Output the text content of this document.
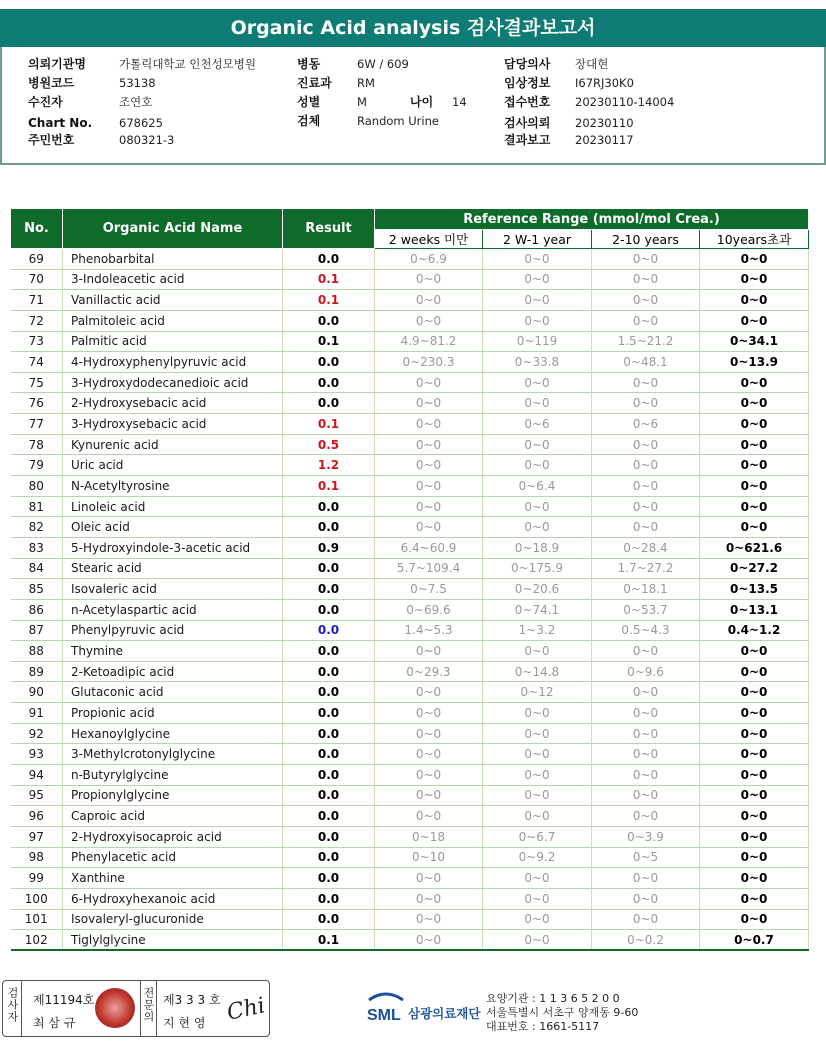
Organic Acid analysis 검사결과보고서
의뢰기관명	가톨릭대학교 인천성모병원
병원코드	53138
수진자	조연호
Chart No. 678625
주민번호	080321-3
병동	6W / 609
진료과 RM
성별	M	나이 14
검체	Random Urine
담당의사 장대현
임상정보 I67RJ30K0
접수번호 20230110-14004
검사의뢰 20230110
결과보고 20230117
No.	Organic Acid Name	Result	Reference Range (mmol/mol Crea.)			
			2 weeks 미만	2 W-1 year	2-10 years	10years초과
69	Phenobarbital	0.0	0~6.9	0~0	0~0	0~0
70	3-Indoleacetic acid	0.1	0~0	0~0	0~0	0~0
71	Vanillactic acid	0.1	0~0	0~0	0~0	0~0
72	Palmitoleic acid	0.0	0~0	0~0	0~0	0~0
73	Palmitic acid	0.1	4.9~81.2	0~119	1.5~21.2	0~34.1
74	4-Hydroxyphenylpyruvic acid	0.0	0~230.3	0~33.8	0~48.1	0~13.9
75	3-Hydroxydodecanedioic acid	0.0	0~0	0~0	0~0	0~0
76	2-Hydroxysebacic acid	0.0	0~0	0~0	0~0	0~0
77	3-Hydroxysebacic acid	0.1	0~0	0~6	0~6	0~0
78	Kynurenic acid	0.5	0~0	0~0	0~0	0~0
79	Uric acid	1.2	0~0	0~0	0~0	0~0
80	N-Acetyltyrosine	0.1	0~0	0~6.4	0~0	0~0
81	Linoleic acid	0.0	0~0	0~0	0~0	0~0
82	Oleic acid	0.0	0~0	0~0	0~0	0~0
83	5-Hydroxyindole-3-acetic acid	0.9	6.4~60.9	0~18.9	0~28.4	0~621.6
84	Stearic acid	0.0	5.7~109.4	0~175.9	1.7~27.2	0~27.2
85	Isovaleric acid	0.0	0~7.5	0~20.6	0~18.1	0~13.5
86	n-Acetylaspartic acid	0.0	0~69.6	0~74.1	0~53.7	0~13.1
87	Phenylpyruvic acid	0.0	1.4~5.3	1~3.2	0.5~4.3	0.4~1.2
88	Thymine	0.0	0~0	0~0	0~0	0~0
89	2-Ketoadipic acid	0.0	0~29.3	0~14.8	0~9.6	0~0
90	Glutaconic acid	0.0	0~0	0~12	0~0	0~0
91	Propionic acid	0.0	0~0	0~0	0~0	0~0
92	Hexanoylglycine	0.0	0~0	0~0	0~0	0~0
93	3-Methylcrotonylglycine	0.0	0~0	0~0	0~0	0~0
94	n-Butyrylglycine	0.0	0~0	0~0	0~0	0~0
95	Propionylglycine	0.0	0~0	0~0	0~0	0~0
96	Caproic acid	0.0	0~0	0~0	0~0	0~0
97	2-Hydroxyisocaproic acid	0.0	0~18	0~6.7	0~3.9	0~0
98	Phenylacetic acid	0.0	0~10	0~9.2	0~5	0~0
99	Xanthine	0.0	0~0	0~0	0~0	0~0
100	6-Hydroxyhexanoic acid	0.0	0~0	0~0	0~0	0~0
101	Isovaleryl-glucuronide	0.0	0~0	0~0	0~0	0~0
102	Tiglylglycine	0.1	0~0	0~0	0~0.2	0~0.7
검사자 제11194호
최 삼 규	전문의 제3 3 3 호
지 현 영 Chi	SML 삼광의료재단
요양기관 : 1 1 3 6 5 2 0 0
서울특별시 서초구 양재동 9-60
대표번호 : 1661-5117
